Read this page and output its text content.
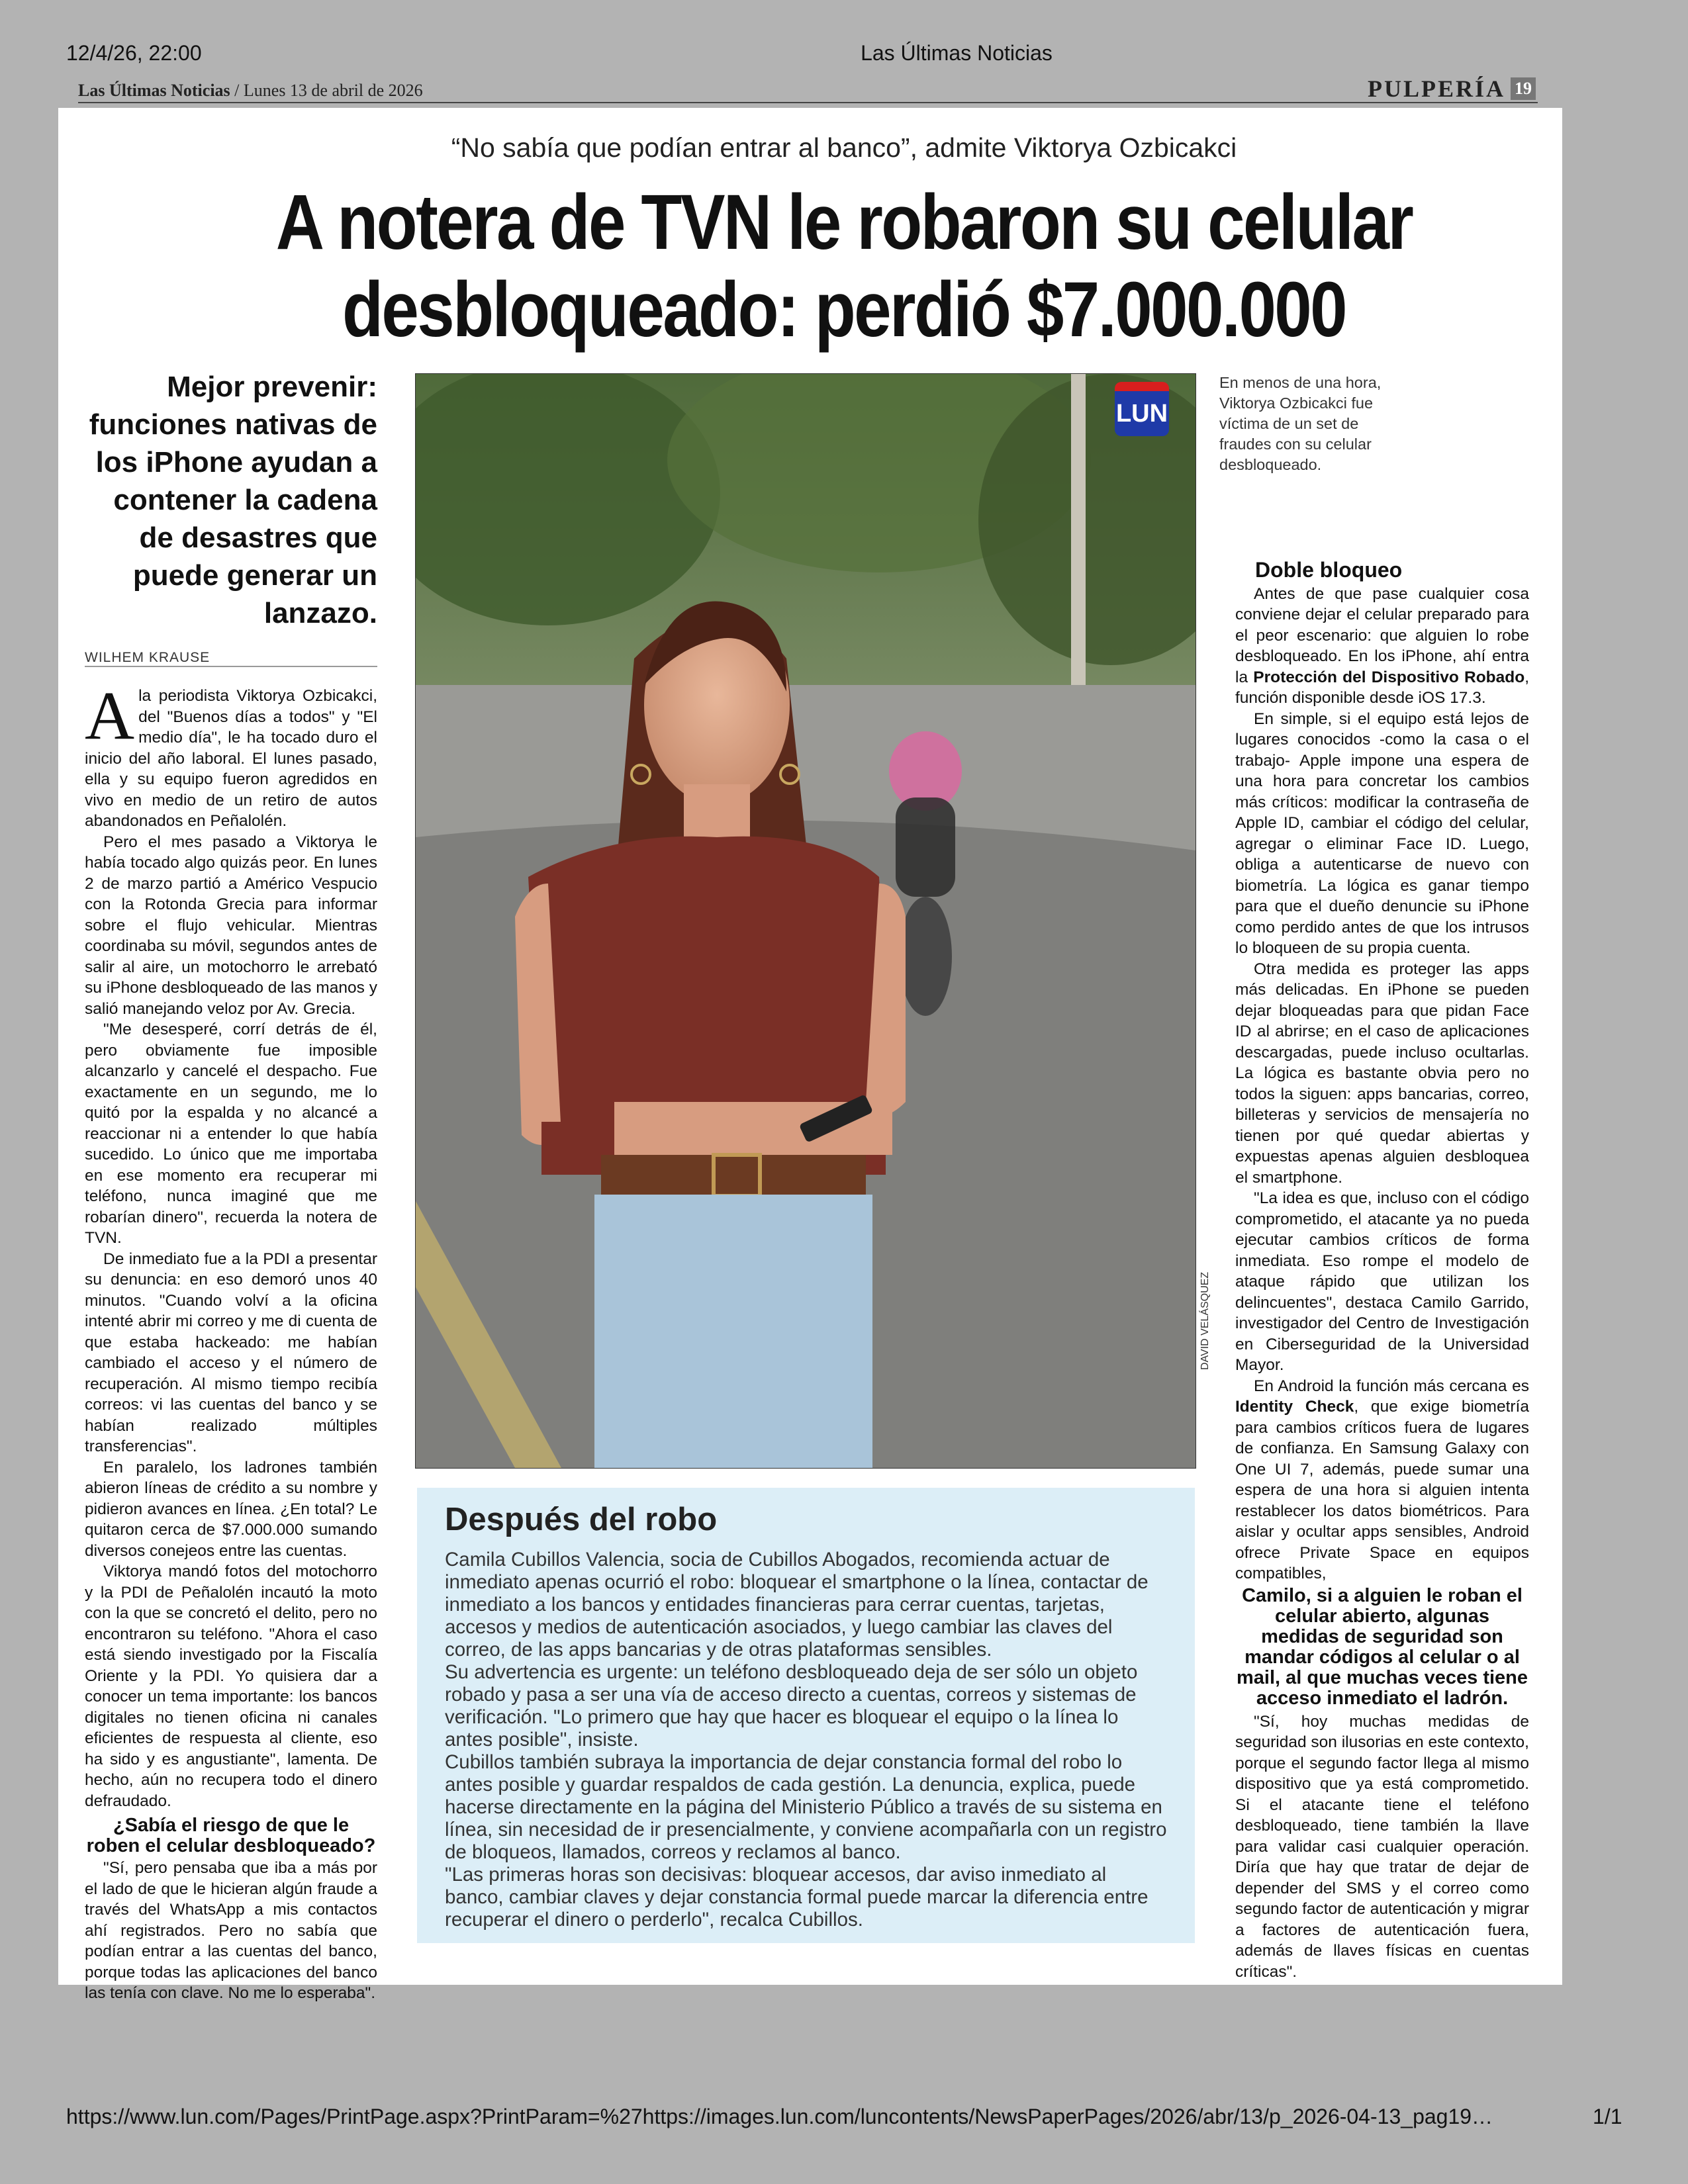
12/4/26, 22:00	Las Últimas Noticias
Las Últimas Noticias / Lunes 13 de abril de 2026	PULPERÍA 19
“No sabía que podían entrar al banco”, admite Viktorya Ozbicakci
A notera de TVN le robaron su celular
desbloqueado: perdió $7.000.000
Mejor prevenir: funciones nativas de los iPhone ayudan a contener la cadena de desastres que puede generar un lanzazo.
WILHEM KRAUSE

A la periodista Viktorya Ozbicakci, del "Buenos días a todos" y "El medio día", le ha tocado duro el inicio del año laboral. El lunes pasado, ella y su equipo fueron agredidos en vivo en medio de un retiro de autos abandonados en Peñalolén.

Pero el mes pasado a Viktorya le había tocado algo quizás peor. En lunes 2 de marzo partió a Américo Vespucio con la Rotonda Grecia para informar sobre el flujo vehicular. Mientras coordinaba su móvil, segundos antes de salir al aire, un motochorro le arrebató su iPhone desbloqueado de las manos y salió manejando veloz por Av. Grecia.

"Me desesperé, corrí detrás de él, pero obviamente fue imposible alcanzarlo y cancelé el despacho. Fue exactamente en un segundo, me lo quitó por la espalda y no alcancé a reaccionar ni a entender lo que había sucedido. Lo único que me importaba en ese momento era recuperar mi teléfono, nunca imaginé que me robarían dinero", recuerda la notera de TVN.

De inmediato fue a la PDI a presentar su denuncia: en eso demoró unos 40 minutos. "Cuando volví a la oficina intenté abrir mi correo y me di cuenta de que estaba hackeado: me habían cambiado el acceso y el número de recuperación. Al mismo tiempo recibía correos: vi las cuentas del banco y se habían realizado múltiples transferencias".

En paralelo, los ladrones también abieron líneas de crédito a su nombre y pidieron avances en línea. ¿En total? Le quitaron cerca de $7.000.000 sumando diversos conejeos entre las cuentas.

Viktorya mandó fotos del motochorro y la PDI de Peñalolén incautó la moto con la que se concretó el delito, pero no encontraron su teléfono. "Ahora el caso está siendo investigado por la Fiscalía Oriente y la PDI. Yo quisiera dar a conocer un tema importante: los bancos digitales no tienen oficina ni canales eficientes de respuesta al cliente, eso ha sido y es angustiante", lamenta. De hecho, aún no recupera todo el dinero defraudado.

¿Sabía el riesgo de que le roben el celular desbloqueado?

"Sí, pero pensaba que iba a más por el lado de que le hicieran algún fraude a través del WhatsApp a mis contactos ahí registrados. Pero no sabía que podían entrar a las cuentas del banco, porque todas las aplicaciones del banco las tenía con clave. No me lo esperaba".

LUN
DAVID VELÁSQUEZ
En menos de una hora, Viktorya Ozbicakci fue víctima de un set de fraudes con su celular desbloqueado.
Después del robo

Camila Cubillos Valencia, socia de Cubillos Abogados, recomienda actuar de inmediato apenas ocurrió el robo: bloquear el smartphone o la línea, contactar de inmediato a los bancos y entidades financieras para cerrar cuentas, tarjetas, accesos y medios de autenticación asociados, y luego cambiar las claves del correo, de las apps bancarias y de otras plataformas sensibles.

Su advertencia es urgente: un teléfono desbloqueado deja de ser sólo un objeto robado y pasa a ser una vía de acceso directo a cuentas, correos y sistemas de verificación. "Lo primero que hay que hacer es bloquear el equipo o la línea lo antes posible", insiste.

Cubillos también subraya la importancia de dejar constancia formal del robo lo antes posible y guardar respaldos de cada gestión. La denuncia, explica, puede hacerse directamente en la página del Ministerio Público a través de su sistema en línea, sin necesidad de ir presencialmente, y conviene acompañarla con un registro de bloqueos, llamados, correos y reclamos al banco.

"Las primeras horas son decisivas: bloquear accesos, dar aviso inmediato al banco, cambiar claves y dejar constancia formal puede marcar la diferencia entre recuperar el dinero o perderlo", recalca Cubillos.

Doble bloqueo

Antes de que pase cualquier cosa conviene dejar el celular preparado para el peor escenario: que alguien lo robe desbloqueado. En los iPhone, ahí entra la Protección del Dispositivo Robado, función disponible desde iOS 17.3.

En simple, si el equipo está lejos de lugares conocidos -como la casa o el trabajo- Apple impone una espera de una hora para concretar los cambios más críticos: modificar la contraseña de Apple ID, cambiar el código del celular, agregar o eliminar Face ID. Luego, obliga a autenticarse de nuevo con biometría. La lógica es ganar tiempo para que el dueño denuncie su iPhone como perdido antes de que los intrusos lo bloqueen de su propia cuenta.

Otra medida es proteger las apps más delicadas. En iPhone se pueden dejar bloqueadas para que pidan Face ID al abrirse; en el caso de aplicaciones descargadas, puede incluso ocultarlas. La lógica es bastante obvia pero no todos la siguen: apps bancarias, correo, billeteras y servicios de mensajería no tienen por qué quedar abiertas y expuestas apenas alguien desbloquea el smartphone.

"La idea es que, incluso con el código comprometido, el atacante ya no pueda ejecutar cambios críticos de forma inmediata. Eso rompe el modelo de ataque rápido que utilizan los delincuentes", destaca Camilo Garrido, investigador del Centro de Investigación en Ciberseguridad de la Universidad Mayor.

En Android la función más cercana es Identity Check, que exige biometría para cambios críticos fuera de lugares de confianza. En Samsung Galaxy con One UI 7, además, puede sumar una espera de una hora si alguien intenta restablecer los datos biométricos. Para aislar y ocultar apps sensibles, Android ofrece Private Space en equipos compatibles,

Camilo, si a alguien le roban el celular abierto, algunas medidas de seguridad son mandar códigos al celular o al mail, al que muchas veces tiene acceso inmediato el ladrón.

"Sí, hoy muchas medidas de seguridad son ilusorias en este contexto, porque el segundo factor llega al mismo dispositivo que ya está comprometido. Si el atacante tiene el teléfono desbloqueado, tiene también la llave para validar casi cualquier operación. Diría que hay que tratar de dejar de depender del SMS y el correo como segundo factor de autenticación y migrar a factores de autenticación fuera, además de llaves físicas en cuentas críticas".

https://www.lun.com/Pages/PrintPage.aspx?PrintParam=%27https://images.lun.com/luncontents/NewsPaperPages/2026/abr/13/p_2026-04-13_pag19…	1/1
